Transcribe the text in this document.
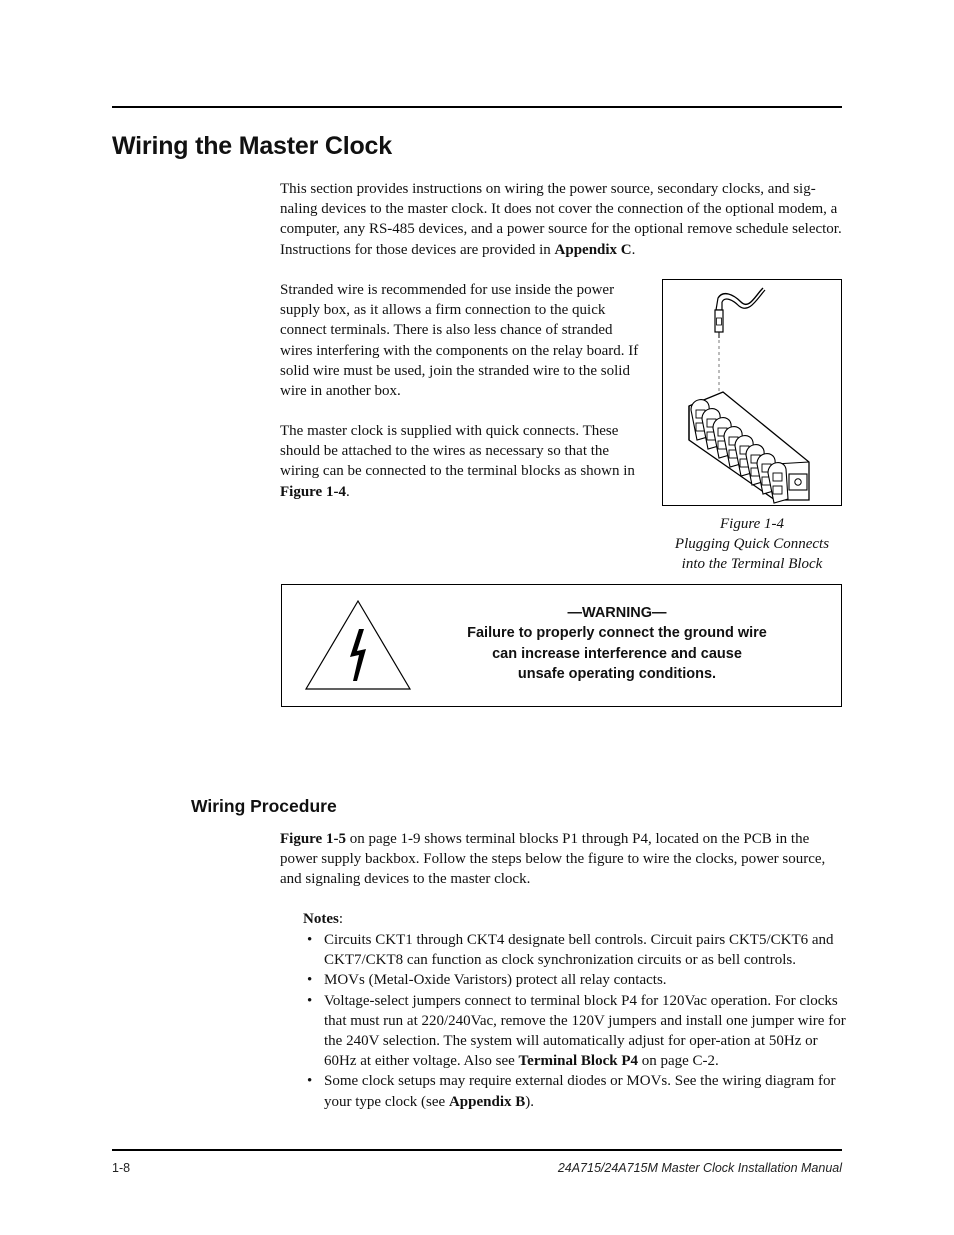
Wiring the Master Clock

This section provides instructions on wiring the power source, secondary clocks, and sig-naling devices to the master clock. It does not cover the connection of the optional modem, a computer, any RS-485 devices, and a power source for the optional remove schedule selector. Instructions for those devices are provided in Appendix C.

Stranded wire is recommended for use inside the power supply box, as it allows a firm connection to the quick connect terminals. There is also less chance of stranded wires interfering with the components on the relay board. If solid wire must be used, join the stranded wire to the solid wire in another box.

The master clock is supplied with quick connects. These should be attached to the wires as necessary so that the wiring can be connected to the terminal blocks as shown in Figure 1-4.

Figure 1-4
Plugging Quick Connects
into the Terminal Block
—WARNING—
Failure to properly connect the ground wire
can increase interference and cause
unsafe operating conditions.
Wiring Procedure

Figure 1-5 on page 1-9 shows terminal blocks P1 through P4, located on the PCB in the power supply backbox. Follow the steps below the figure to wire the clocks, power source, and signaling devices to the master clock.

Notes:
• Circuits CKT1 through CKT4 designate bell controls. Circuit pairs CKT5/CKT6 and CKT7/CKT8 can function as clock synchronization circuits or as bell controls.
• MOVs (Metal-Oxide Varistors) protect all relay contacts.
• Voltage-select jumpers connect to terminal block P4 for 120Vac operation. For clocks that must run at 220/240Vac, remove the 120V jumpers and install one jumper wire for the 240V selection. The system will automatically adjust for oper-ation at 50Hz or 60Hz at either voltage. Also see Terminal Block P4 on page C-2.
• Some clock setups may require external diodes or MOVs. See the wiring diagram for your type clock (see Appendix B).
1-8	24A715/24A715M Master Clock Installation Manual
